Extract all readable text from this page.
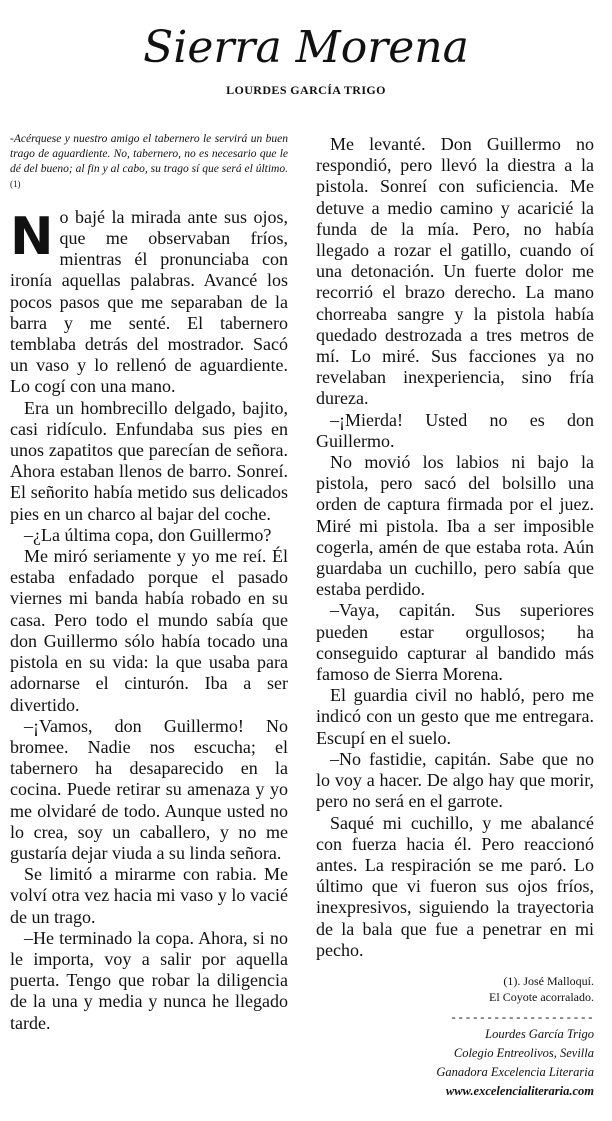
Sierra Morena
LOURDES GARCÍA TRIGO
-Acérquese y nuestro amigo el tabernero le servirá un buen trago de aguardiente. No, tabernero, no es necesario que le dé del bueno; al fin y al cabo, su trago sí que será el último. $^{(1)}$

No bajé la mirada ante sus ojos, que me observaban fríos, mientras él pronunciaba con ironía aquellas palabras. Avancé los pocos pasos que me separaban de la barra y me senté. El tabernero temblaba detrás del mostrador. Sacó un vaso y lo rellenó de aguardiente. Lo cogí con una mano.

Era un hombrecillo delgado, bajito, casi ridículo. Enfundaba sus pies en unos zapatitos que parecían de señora. Ahora estaban llenos de barro. Sonreí. El señorito había metido sus delicados pies en un charco al bajar del coche.

–¿La última copa, don Guillermo?

Me miró seriamente y yo me reí. Él estaba enfadado porque el pasado viernes mi banda había robado en su casa. Pero todo el mundo sabía que don Guillermo sólo había tocado una pistola en su vida: la que usaba para adornarse el cinturón. Iba a ser divertido.

–¡Vamos, don Guillermo! No bromee. Nadie nos escucha; el tabernero ha desaparecido en la cocina. Puede retirar su amenaza y yo me olvidaré de todo. Aunque usted no lo crea, soy un caballero, y no me gustaría dejar viuda a su linda señora.

Se limitó a mirarme con rabia. Me volví otra vez hacia mi vaso y lo vacié de un trago.

–He terminado la copa. Ahora, si no le importa, voy a salir por aquella puerta. Tengo que robar la diligencia de la una y media y nunca he llegado tarde.

Me levanté. Don Guillermo no respondió, pero llevó la diestra a la pistola. Sonreí con suficiencia. Me detuve a medio camino y acaricié la funda de la mía. Pero, no había llegado a rozar el gatillo, cuando oí una detonación. Un fuerte dolor me recorrió el brazo derecho. La mano chorreaba sangre y la pistola había quedado destrozada a tres metros de mí. Lo miré. Sus facciones ya no revelaban inexperiencia, sino fría dureza.

–¡Mierda! Usted no es don Guillermo.

No movió los labios ni bajo la pistola, pero sacó del bolsillo una orden de captura firmada por el juez. Miré mi pistola. Iba a ser imposible cogerla, amén de que estaba rota. Aún guardaba un cuchillo, pero sabía que estaba perdido.

–Vaya, capitán. Sus superiores pueden estar orgullosos; ha conseguido capturar al bandido más famoso de Sierra Morena.

El guardia civil no habló, pero me indicó con un gesto que me entregara. Escupí en el suelo.

–No fastidie, capitán. Sabe que no lo voy a hacer. De algo hay que morir, pero no será en el garrote.

Saqué mi cuchillo, y me abalancé con fuerza hacia él. Pero reaccionó antes. La respiración se me paró. Lo último que vi fueron sus ojos fríos, inexpresivos, siguiendo la trayectoria de la bala que fue a penetrar en mi pecho.

(1). José Malloquí.
El Coyote acorralado.
--------------------
Lourdes García Trigo
Colegio Entreolivos, Sevilla
Ganadora Excelencia Literaria
www.excelencialiteraria.com
